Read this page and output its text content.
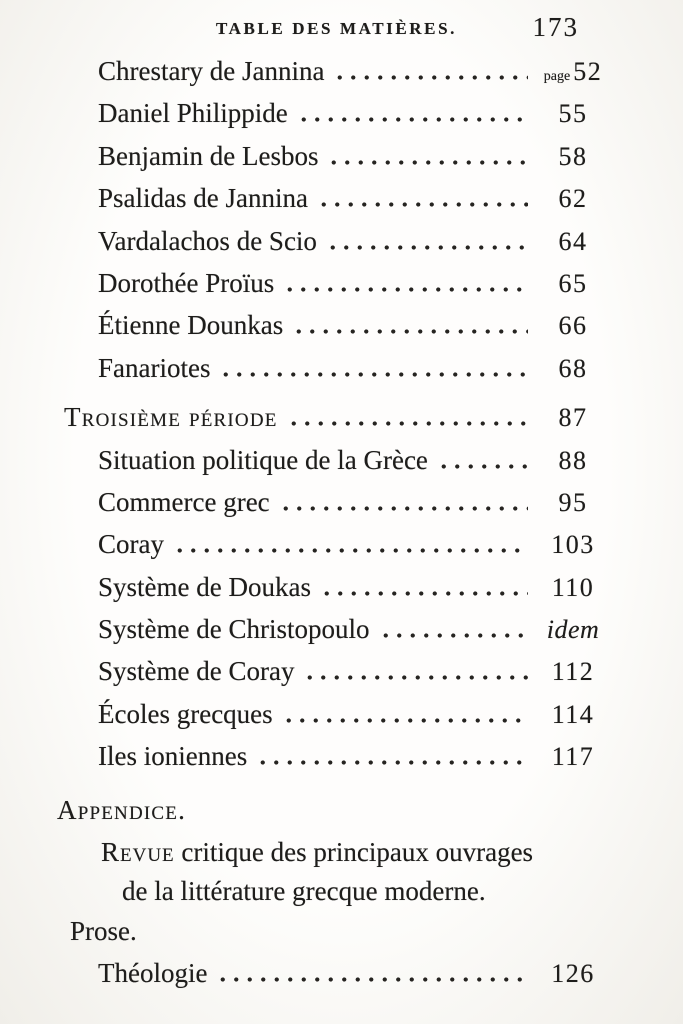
TABLE DES MATIÈRES.	173
Chrestary de Jannina	page 52
Daniel Philippide	55
Benjamin de Lesbos	58
Psalidas de Jannina	62
Vardalachos de Scio	64
Dorothée Proïus	65
Étienne Dounkas	66
Fanariotes	68
Troisième période	87
Situation politique de la Grèce	88
Commerce grec	95
Coray	103
Système de Doukas	110
Système de Christopoulo	idem
Système de Coray	112
Écoles grecques	114
Iles ioniennes	117
Appendice.
Revue critique des principaux ouvrages
de la littérature grecque moderne.
Prose.
Théologie	126
